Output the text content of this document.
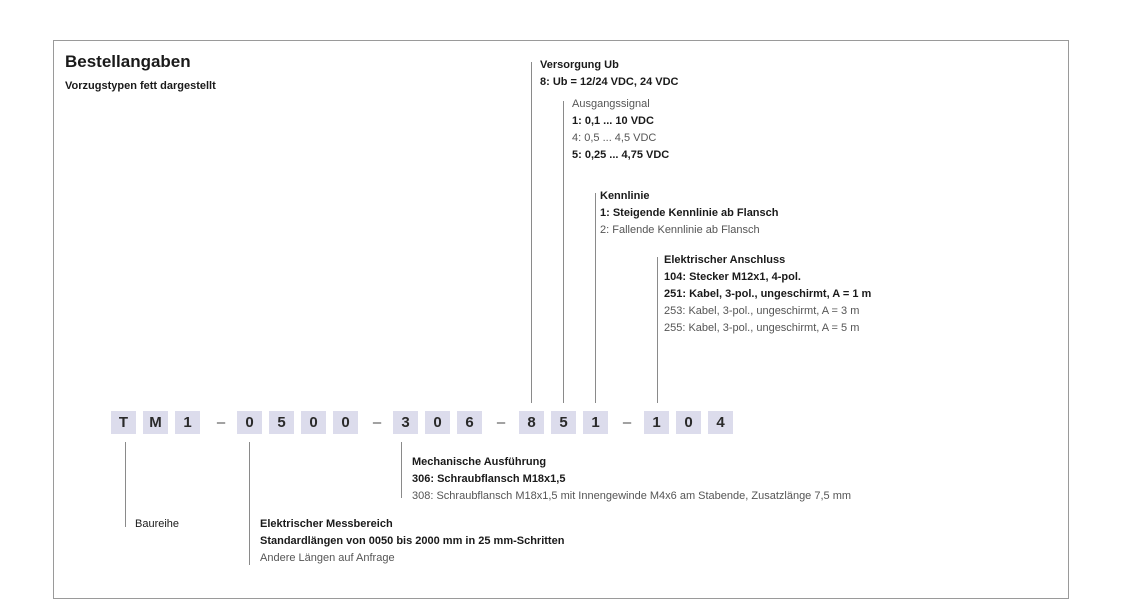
Bestellangaben
Vorzugstypen fett dargestellt
Versorgung Ub
8: Ub = 12/24 VDC, 24 VDC
Ausgangssignal
1: 0,1 ... 10 VDC
4: 0,5 ... 4,5 VDC
5: 0,25 ... 4,75 VDC
Kennlinie
1: Steigende Kennlinie ab Flansch
2: Fallende Kennlinie ab Flansch
Elektrischer Anschluss
104: Stecker M12x1, 4-pol.
251: Kabel, 3-pol., ungeschirmt, A = 1 m
253: Kabel, 3-pol., ungeschirmt, A = 3 m
255: Kabel, 3-pol., ungeschirmt, A = 5 m
T	M	1	–	0	5	0	0	–	3	0	6	–	8	5	1	–	1	0	4
Mechanische Ausführung
306: Schraubflansch M18x1,5
308: Schraubflansch M18x1,5 mit Innengewinde M4x6 am Stabende, Zusatzlänge 7,5 mm
Baureihe	Elektrischer Messbereich
Standardlängen von 0050 bis 2000 mm in 25 mm-Schritten
Andere Längen auf Anfrage
